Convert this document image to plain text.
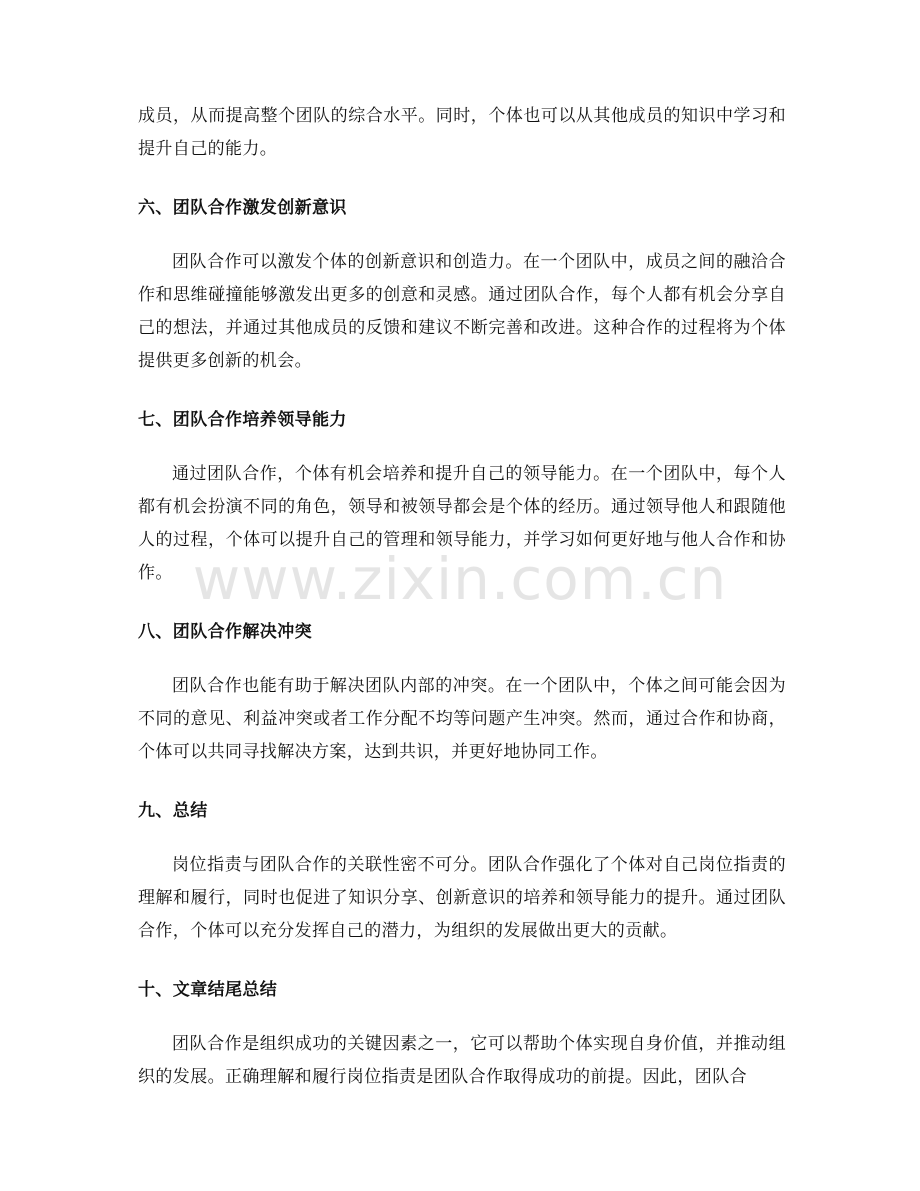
成员，从而提高整个团队的综合水平。同时，个体也可以从其他成员的知识中学习和提升自己的能力。

六、团队合作激发创新意识

团队合作可以激发个体的创新意识和创造力。在一个团队中，成员之间的融洽合作和思维碰撞能够激发出更多的创意和灵感。通过团队合作，每个人都有机会分享自己的想法，并通过其他成员的反馈和建议不断完善和改进。这种合作的过程将为个体提供更多创新的机会。

七、团队合作培养领导能力

通过团队合作，个体有机会培养和提升自己的领导能力。在一个团队中，每个人都有机会扮演不同的角色，领导和被领导都会是个体的经历。通过领导他人和跟随他人的过程，个体可以提升自己的管理和领导能力，并学习如何更好地与他人合作和协作。

八、团队合作解决冲突

团队合作也能有助于解决团队内部的冲突。在一个团队中，个体之间可能会因为不同的意见、利益冲突或者工作分配不均等问题产生冲突。然而，通过合作和协商，个体可以共同寻找解决方案，达到共识，并更好地协同工作。

九、总结

岗位指责与团队合作的关联性密不可分。团队合作强化了个体对自己岗位指责的理解和履行，同时也促进了知识分享、创新意识的培养和领导能力的提升。通过团队合作，个体可以充分发挥自己的潜力，为组织的发展做出更大的贡献。

十、文章结尾总结

团队合作是组织成功的关键因素之一，它可以帮助个体实现自身价值，并推动组织的发展。正确理解和履行岗位指责是团队合作取得成功的前提。因此，团队合

www.zixin.com.cn
